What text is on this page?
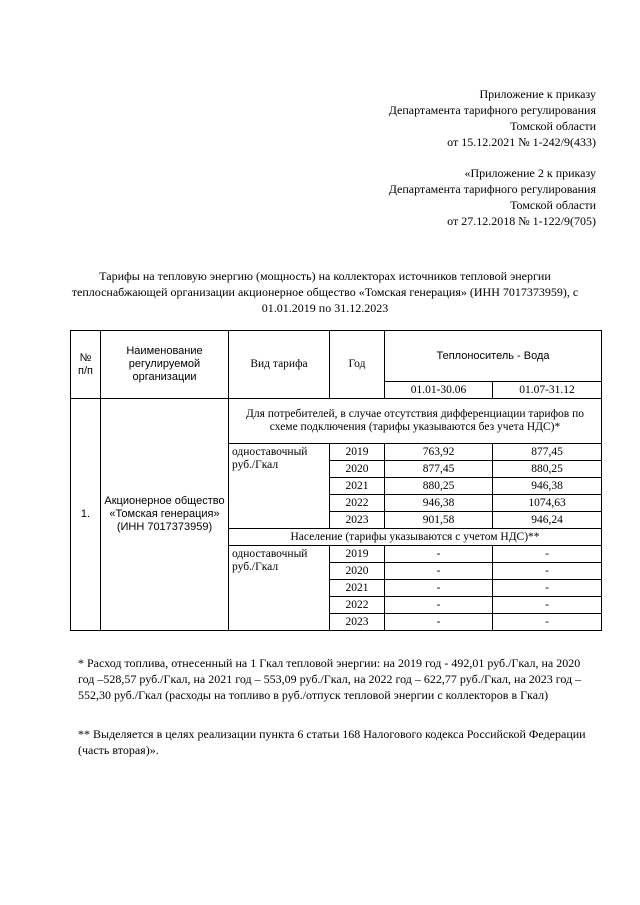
Приложение к приказу
Департамента тарифного регулирования
Томской области
от 15.12.2021 № 1-242/9(433)
«Приложение 2 к приказу
Департамента тарифного регулирования
Томской области
от 27.12.2018 № 1-122/9(705)
Тарифы на тепловую энергию (мощность) на коллекторах источников тепловой энергии теплоснабжающей организации акционерное общество «Томская генерация» (ИНН 7017373959), с 01.01.2019 по 31.12.2023
№ п/п	Наименование регулируемой организации	Вид тарифа	Год	Теплоноситель - Вода	
				01.01-30.06	01.07-31.12
1.	Акционерное общество «Томская генерация» (ИНН 7017373959)	Для потребителей, в случае отсутствия дифференциации тарифов по схеме подключения (тарифы указываются без учета НДС)*			
		одноставочный руб./Гкал	2019	763,92	877,45
			2020	877,45	880,25
			2021	880,25	946,38
			2022	946,38	1074,63
			2023	901,58	946,24
		Население (тарифы указываются с учетом НДС)**			
		одноставочный руб./Гкал	2019	-	-
			2020	-	-
			2021	-	-
			2022	-	-
			2023	-	-
* Расход топлива, отнесенный на 1 Гкал тепловой энергии: на 2019 год - 492,01 руб./Гкал, на 2020 год –528,57 руб./Гкал, на 2021 год – 553,09 руб./Гкал, на 2022 год – 622,77 руб./Гкал, на 2023 год – 552,30 руб./Гкал (расходы на топливо в руб./отпуск тепловой энергии с коллекторов в Гкал)
** Выделяется в целях реализации пункта 6 статьи 168 Налогового кодекса Российской Федерации (часть вторая)».
